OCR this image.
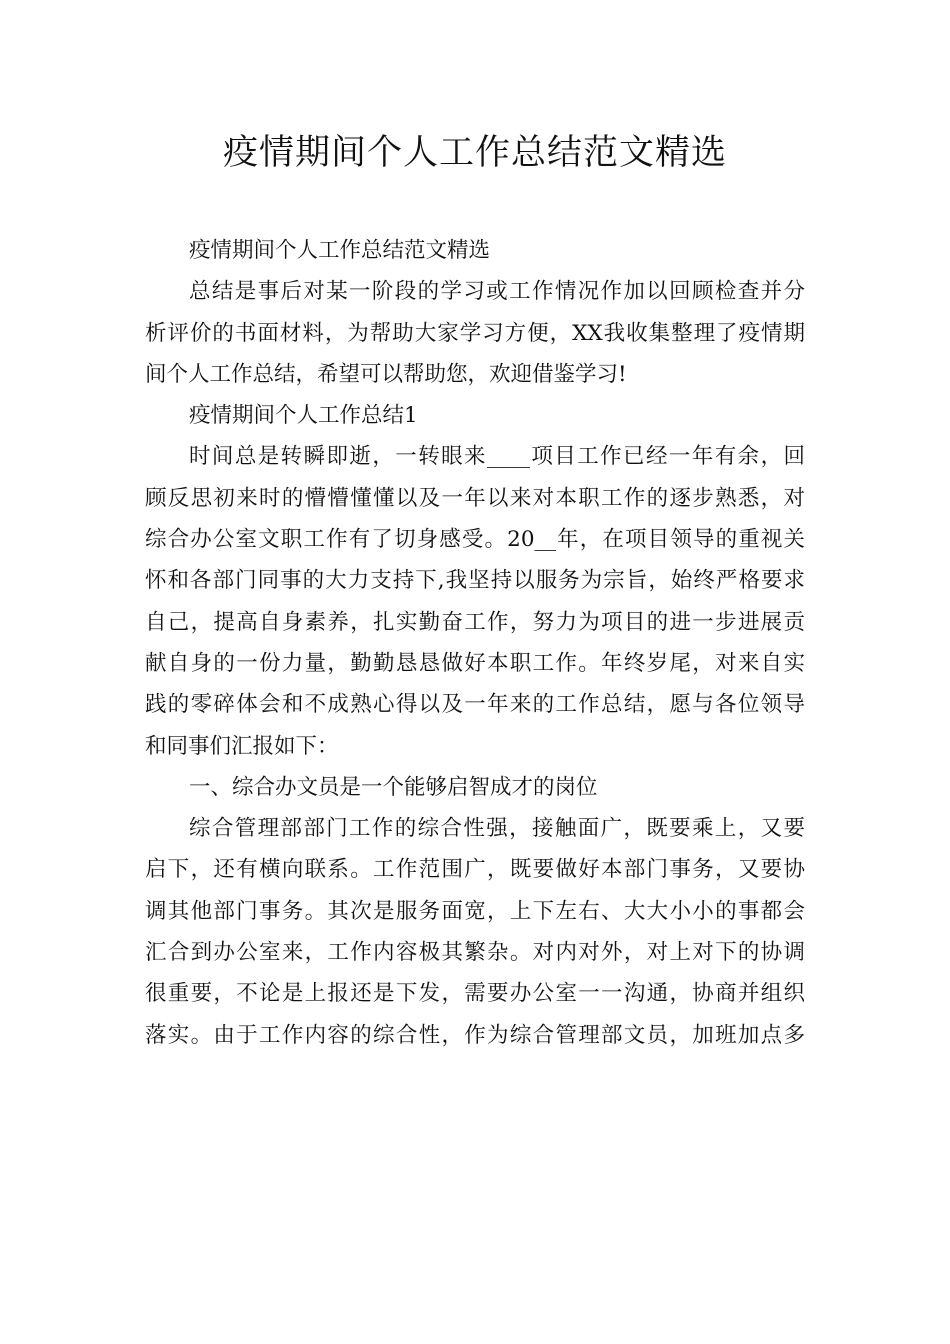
疫情期间个人工作总结范文精选

疫情期间个人工作总结范文精选

总结是事后对某一阶段的学习或工作情况作加以回顾检查并分
析评价的书面材料，为帮助大家学习方便，XX我收集整理了疫情期
间个人工作总结，希望可以帮助您，欢迎借鉴学习!

疫情期间个人工作总结1

时间总是转瞬即逝，一转眼来____项目工作已经一年有余，回
顾反思初来时的懵懵懂懂以及一年以来对本职工作的逐步熟悉，对
综合办公室文职工作有了切身感受。20__年，在项目领导的重视关
怀和各部门同事的大力支持下,我坚持以服务为宗旨，始终严格要求
自己，提高自身素养，扎实勤奋工作，努力为项目的进一步进展贡
献自身的一份力量，勤勤恳恳做好本职工作。年终岁尾，对来自实
践的零碎体会和不成熟心得以及一年来的工作总结，愿与各位领导
和同事们汇报如下：

一、综合办文员是一个能够启智成才的岗位

综合管理部部门工作的综合性强，接触面广，既要乘上，又要
启下，还有横向联系。工作范围广，既要做好本部门事务，又要协
调其他部门事务。其次是服务面宽，上下左右、大大小小的事都会
汇合到办公室来，工作内容极其繁杂。对内对外，对上对下的协调
很重要，不论是上报还是下发，需要办公室一一沟通，协商并组织
落实。由于工作内容的综合性，作为综合管理部文员，加班加点多
